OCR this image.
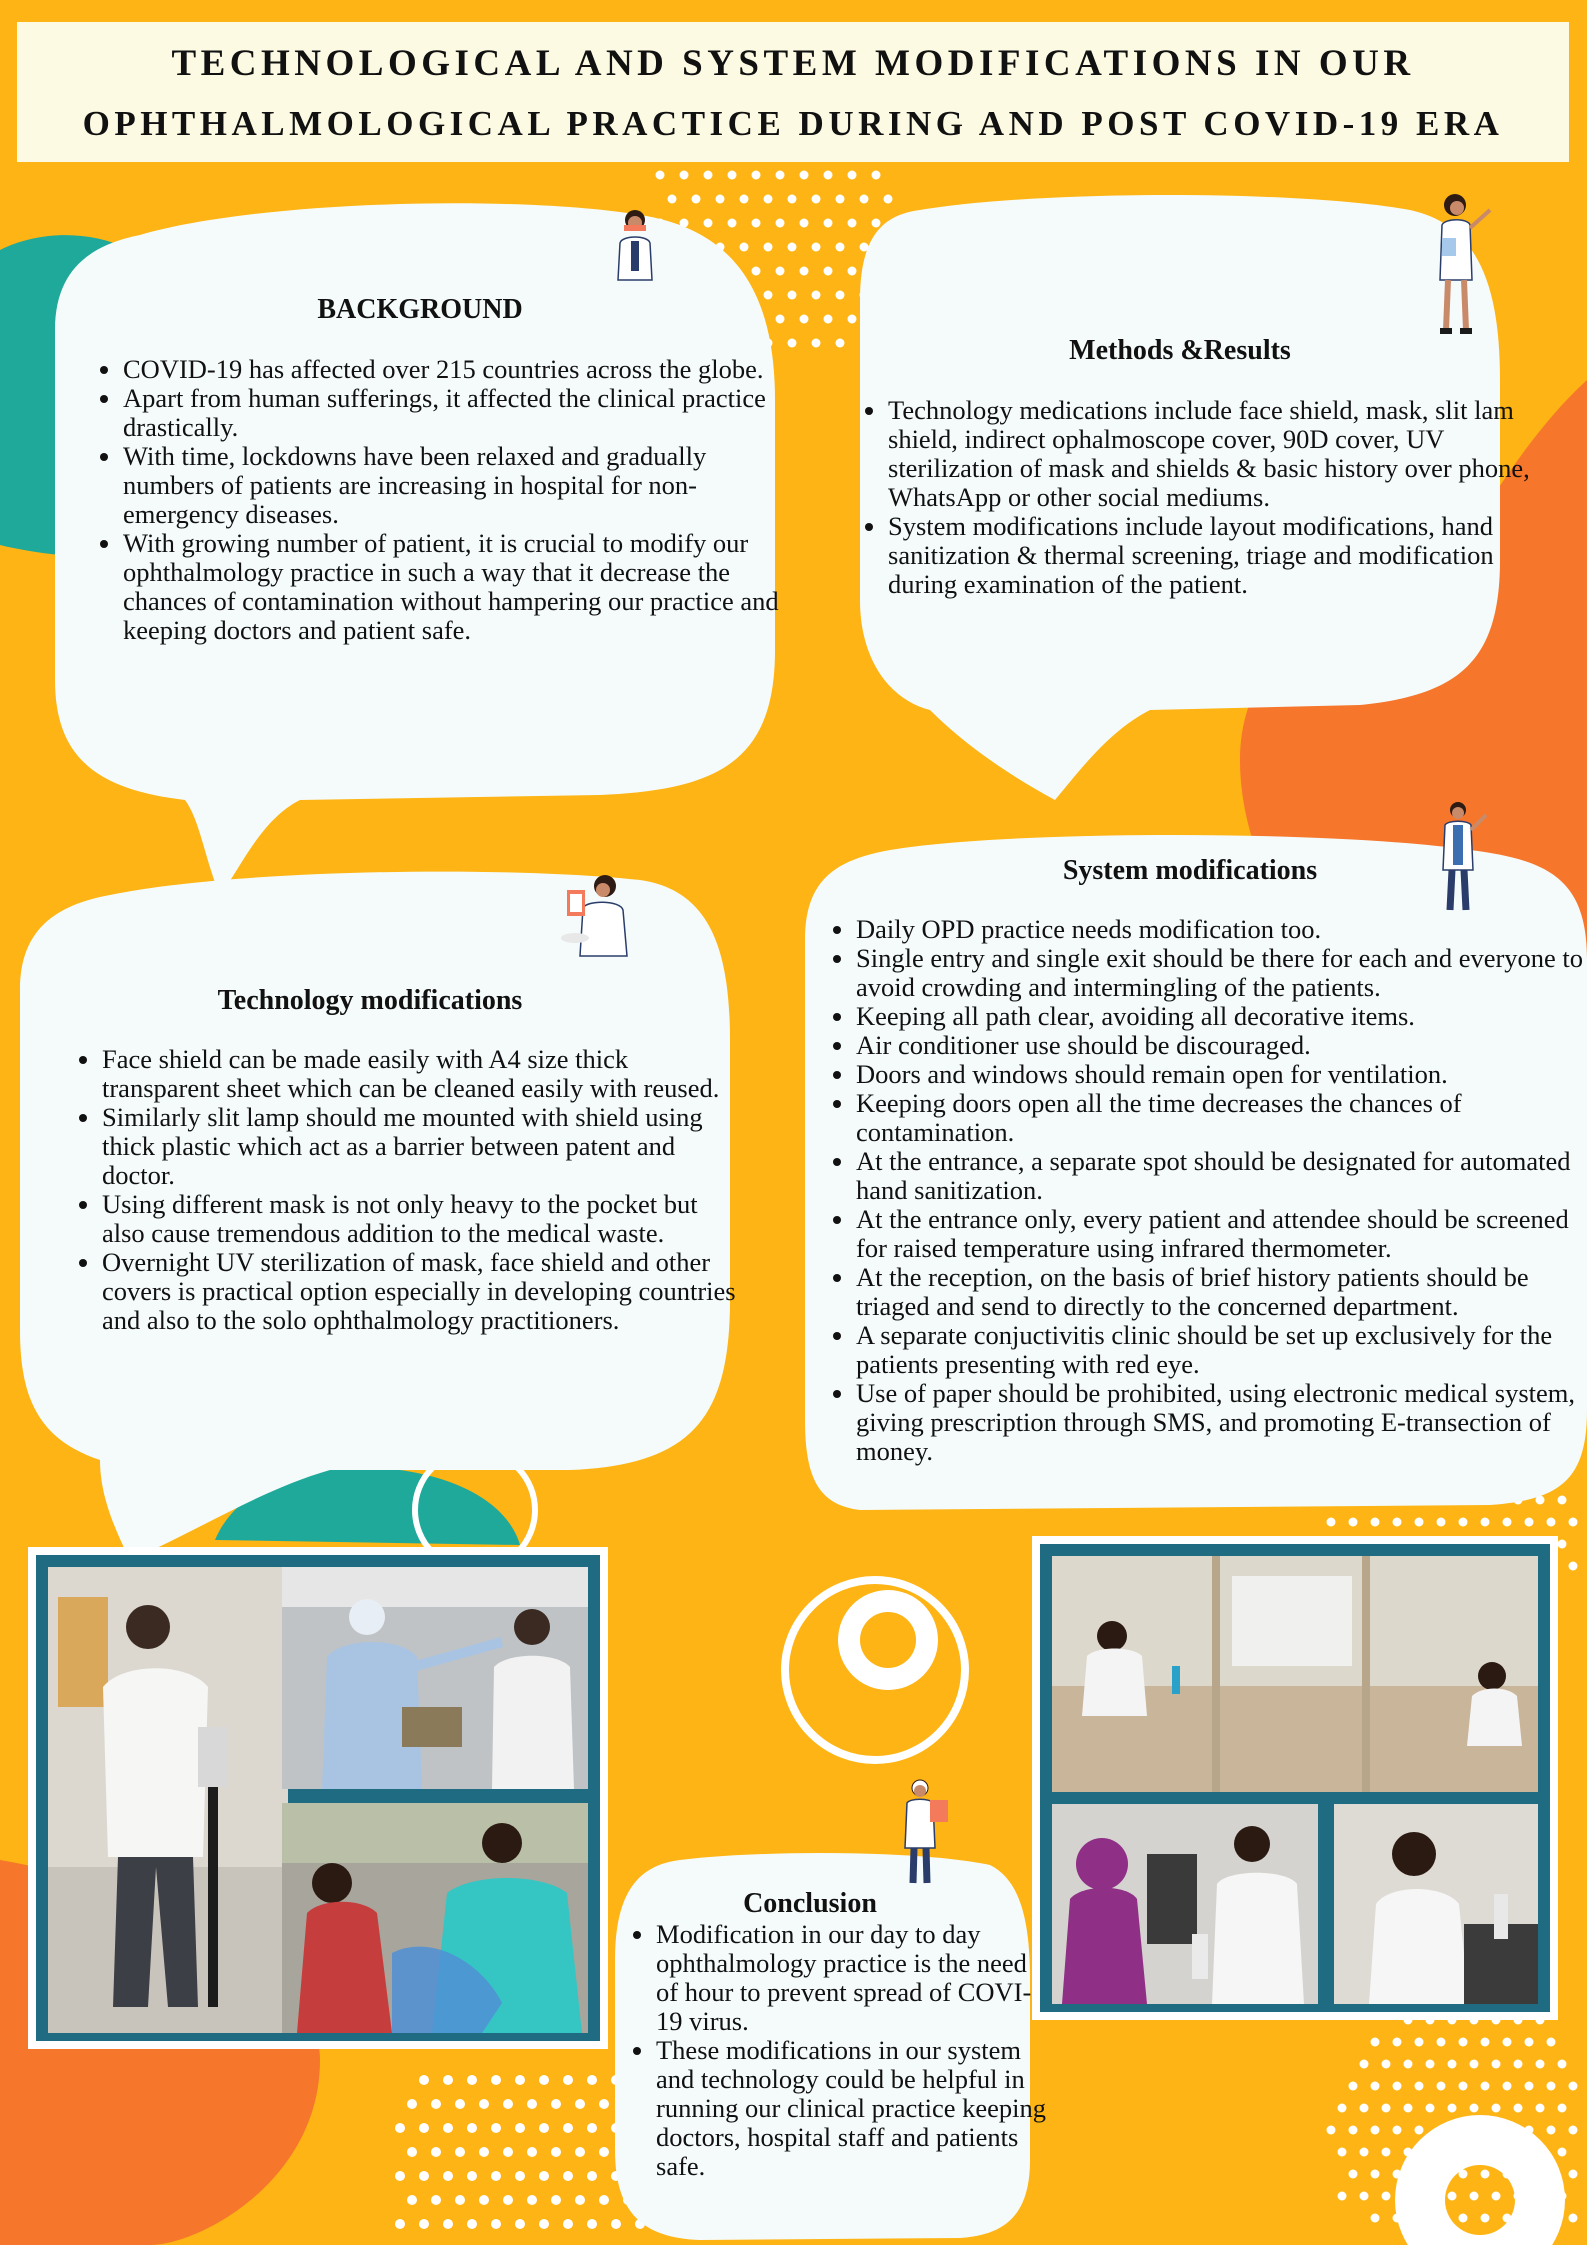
TECHNOLOGICAL AND SYSTEM MODIFICATIONS IN OUR
OPHTHALMOLOGICAL PRACTICE DURING AND POST COVID-19 ERA
BACKGROUND
• COVID-19 has affected over 215 countries across the globe.
• Apart from human sufferings, it affected the clinical practice drastically.
• With time, lockdowns have been relaxed and gradually numbers of patients are increasing in hospital for non-emergency diseases.
• With growing number of patient, it is crucial to modify our ophthalmology practice in such a way that it decrease the chances of contamination without hampering our practice and keeping doctors and patient safe.
Methods &Results
• Technology medications include face shield, mask, slit lam shield, indirect ophalmoscope cover, 90D cover, UV sterilization of mask and shields & basic history over phone, WhatsApp or other social mediums.
• System modifications include layout modifications, hand sanitization & thermal screening, triage and modification during examination of the patient.
Technology modifications
• Face shield can be made easily with A4 size thick transparent sheet which can be cleaned easily with reused.
• Similarly slit lamp should me mounted with shield using thick plastic which act as a barrier between patent and doctor.
• Using different mask is not only heavy to the pocket but also cause tremendous addition to the medical waste.
• Overnight UV sterilization of mask, face shield and other covers is practical option especially in developing countries and also to the solo ophthalmology practitioners.
System modifications
• Daily OPD practice needs modification too.
• Single entry and single exit should be there for each and everyone to avoid crowding and intermingling of the patients.
• Keeping all path clear, avoiding all decorative items.
• Air conditioner use should be discouraged.
• Doors and windows should remain open for ventilation.
• Keeping doors open all the time decreases the chances of contamination.
• At the entrance, a separate spot should be designated for automated hand sanitization.
• At the entrance only, every patient and attendee should be screened for raised temperature using infrared thermometer.
• At the reception, on the basis of brief history patients should be triaged and send to directly to the concerned department.
• A separate conjuctivitis clinic should be set up exclusively for the patients presenting with red eye.
• Use of paper should be prohibited, using electronic medical system, giving prescription through SMS, and promoting E-transection of money.
Conclusion
• Modification in our day to day ophthalmology practice is the need of hour to prevent spread of COVI-19 virus.
• These modifications in our system and technology could be helpful in running our clinical practice keeping doctors, hospital staff and patients safe.
